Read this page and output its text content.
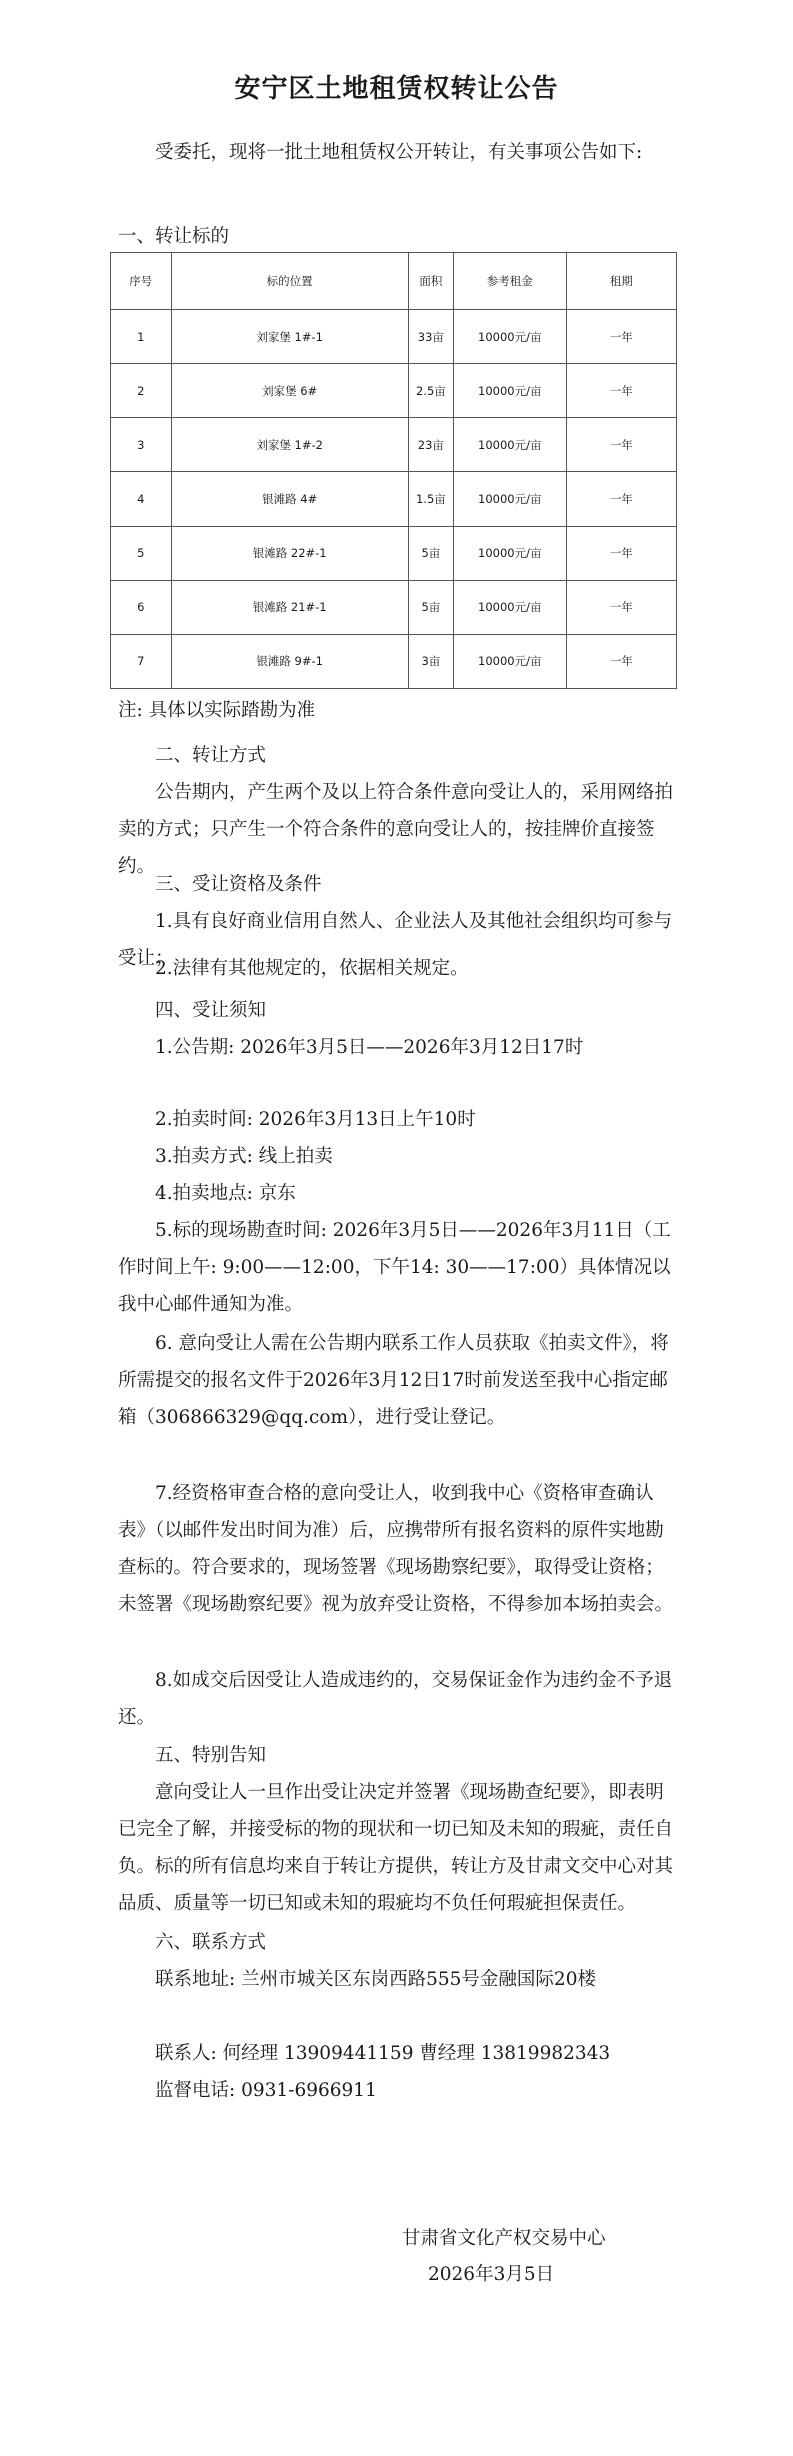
安宁区土地租赁权转让公告
受委托，现将一批土地租赁权公开转让，有关事项公告如下:
一、转让标的
序号	标的位置	面积	参考租金	租期
1	刘家堡 1#-1	33亩	10000元/亩	一年
2	刘家堡 6#	2.5亩	10000元/亩	一年
3	刘家堡 1#-2	23亩	10000元/亩	一年
4	银滩路 4#	1.5亩	10000元/亩	一年
5	银滩路 22#-1	5亩	10000元/亩	一年
6	银滩路 21#-1	5亩	10000元/亩	一年
7	银滩路 9#-1	3亩	10000元/亩	一年
注: 具体以实际踏勘为准
二、转让方式
公告期内，产生两个及以上符合条件意向受让人的，采用网络拍卖的方式；只产生一个符合条件的意向受让人的，按挂牌价直接签约。
三、受让资格及条件
1.具有良好商业信用自然人、企业法人及其他社会组织均可参与受让；
2.法律有其他规定的，依据相关规定。
四、受让须知
1.公告期: 2026年3月5日——2026年3月12日17时
2.拍卖时间: 2026年3月13日上午10时
3.拍卖方式: 线上拍卖
4.拍卖地点: 京东
5.标的现场勘查时间: 2026年3月5日——2026年3月11日（工作时间上午: 9:00——12:00，下午14: 30——17:00）具体情况以我中心邮件通知为准。
6. 意向受让人需在公告期内联系工作人员获取《拍卖文件》，将所需提交的报名文件于2026年3月12日17时前发送至我中心指定邮箱（306866329@qq.com），进行受让登记。
7.经资格审查合格的意向受让人，收到我中心《资格审查确认表》（以邮件发出时间为准）后，应携带所有报名资料的原件实地勘查标的。符合要求的，现场签署《现场勘察纪要》，取得受让资格；未签署《现场勘察纪要》视为放弃受让资格，不得参加本场拍卖会。
8.如成交后因受让人造成违约的，交易保证金作为违约金不予退还。
五、特别告知
意向受让人一旦作出受让决定并签署《现场勘查纪要》，即表明已完全了解，并接受标的物的现状和一切已知及未知的瑕疵，责任自负。标的所有信息均来自于转让方提供，转让方及甘肃文交中心对其品质、质量等一切已知或未知的瑕疵均不负任何瑕疵担保责任。
六、联系方式
联系地址: 兰州市城关区东岗西路555号金融国际20楼
联系人: 何经理 13909441159 曹经理 13819982343
监督电话: 0931-6966911
甘肃省文化产权交易中心
2026年3月5日
